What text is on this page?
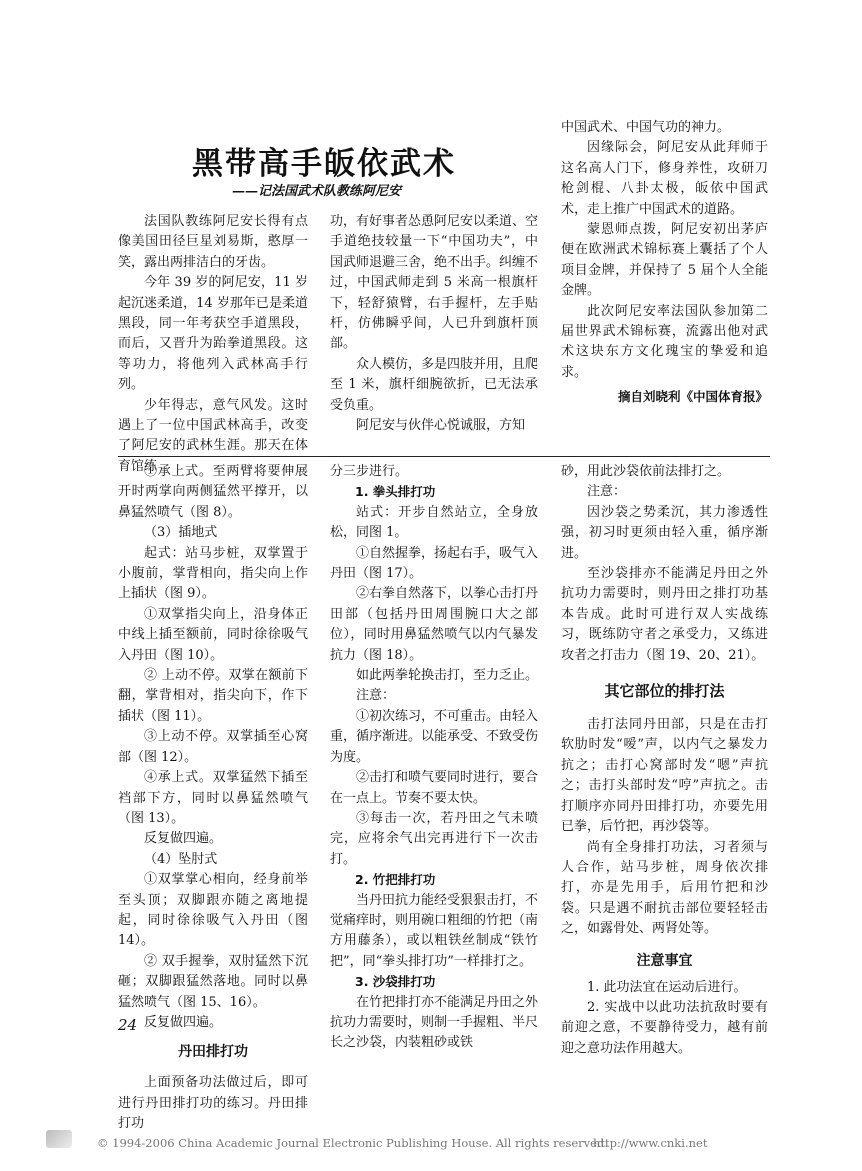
黑带高手皈依武术
——记法国武术队教练阿尼安

法国队教练阿尼安长得有点像美国田径巨星刘易斯，憨厚一笑，露出两排洁白的牙齿。

今年 39 岁的阿尼安，11 岁起沉迷柔道，14 岁那年已是柔道黑段，同一年考获空手道黑段，而后，又晋升为跆拳道黑段。这等功力，将他列入武林高手行列。

少年得志，意气风发。这时遇上了一位中国武林高手，改变了阿尼安的武林生涯。那天在体育馆练

功，有好事者怂恿阿尼安以柔道、空手道绝技较量一下“中国功夫”，中国武师退避三舍，绝不出手。纠缠不过，中国武师走到 5 米高一根旗杆下，轻舒猿臂，右手握杆，左手贴杆，仿佛瞬乎间，人已升到旗杆顶部。

众人模仿，多是四肢并用，且爬至 1 米，旗杆细腕欲折，已无法承受负重。

阿尼安与伙伴心悦诚服，方知

中国武术、中国气功的神力。

因缘际会，阿尼安从此拜师于这名高人门下，修身养性，攻研刀枪剑棍、八卦太极，皈依中国武术，走上推广中国武术的道路。

蒙恩师点拨，阿尼安初出茅庐便在欧洲武术锦标赛上囊括了个人项目金牌，并保持了 5 届个人全能金牌。

此次阿尼安率法国队参加第二届世界武术锦标赛，流露出他对武术这块东方文化瑰宝的挚爱和追求。

摘自刘晓利《中国体育报》

①承上式。至两臂将要伸展开时两掌向两侧猛然平撑开，以鼻猛然喷气（图 8）。

（3）插地式

起式：站马步桩，双掌置于小腹前，掌背相向，指尖向上作上插状（图 9）。

①双掌指尖向上，沿身体正中线上插至额前，同时徐徐吸气入丹田（图 10）。

② 上动不停。双掌在额前下翻，掌背相对，指尖向下，作下插状（图 11）。

③上动不停。双掌插至心窝部（图 12）。

④承上式。双掌猛然下插至裆部下方，同时以鼻猛然喷气（图 13）。

反复做四遍。

（4）坠肘式

①双掌掌心相向，经身前举至头顶；双脚跟亦随之离地提起，同时徐徐吸气入丹田（图 14）。

② 双手握拳，双肘猛然下沉砸；双脚跟猛然落地。同时以鼻猛然喷气（图 15、16）。

反复做四遍。

丹田排打功

上面预备功法做过后，即可进行丹田排打功的练习。丹田排打功

分三步进行。

1. 拳头排打功

站式：开步自然站立，全身放松，同图 1。

①自然握拳，扬起右手，吸气入丹田（图 17）。

②右拳自然落下，以拳心击打丹田部（包括丹田周围腕口大之部位），同时用鼻猛然喷气以内气暴发抗力（图 18）。

如此两拳轮换击打，至力乏止。

注意：

①初次练习，不可重击。由轻入重，循序渐进。以能承受、不致受伤为度。

②击打和喷气要同时进行，要合在一点上。节奏不要太快。

③每击一次，若丹田之气未喷完，应将余气出完再进行下一次击打。

2. 竹把排打功

当丹田抗力能经受狠狠击打，不觉痛痒时，则用碗口粗细的竹把（南方用藤条），或以粗铁丝制成“铁竹把”，同“拳头排打功”一样排打之。

3. 沙袋排打功

在竹把排打亦不能满足丹田之外抗功力需要时，则制一手握粗、半尺长之沙袋，内装粗砂或铁

砂，用此沙袋依前法排打之。

注意：

因沙袋之势柔沉，其力渗透性强，初习时更须由轻入重，循序渐进。

至沙袋排亦不能满足丹田之外抗功力需要时，则丹田之排打功基本告成。此时可进行双人实战练习，既练防守者之承受力，又练进攻者之打击力（图 19、20、21）。

其它部位的排打法

击打法同丹田部，只是在击打软肋时发“嗳”声，以内气之暴发力抗之；击打心窝部时发“嗯”声抗之；击打头部时发“哼”声抗之。击打顺序亦同丹田排打功，亦要先用已拳，后竹把，再沙袋等。

尚有全身排打功法，习者须与人合作，站马步桩，周身依次排打，亦是先用手，后用竹把和沙袋。只是遇不耐抗击部位要轻轻击之，如露骨处、两肾处等。

注意事宜

1. 此功法宜在运动后进行。

2. 实战中以此功法抗敌时要有前迎之意，不要静待受力，越有前迎之意功法作用越大。

24
© 1994-2006 China Academic Journal Electronic Publishing House. All rights reserved.
http://www.cnki.net
